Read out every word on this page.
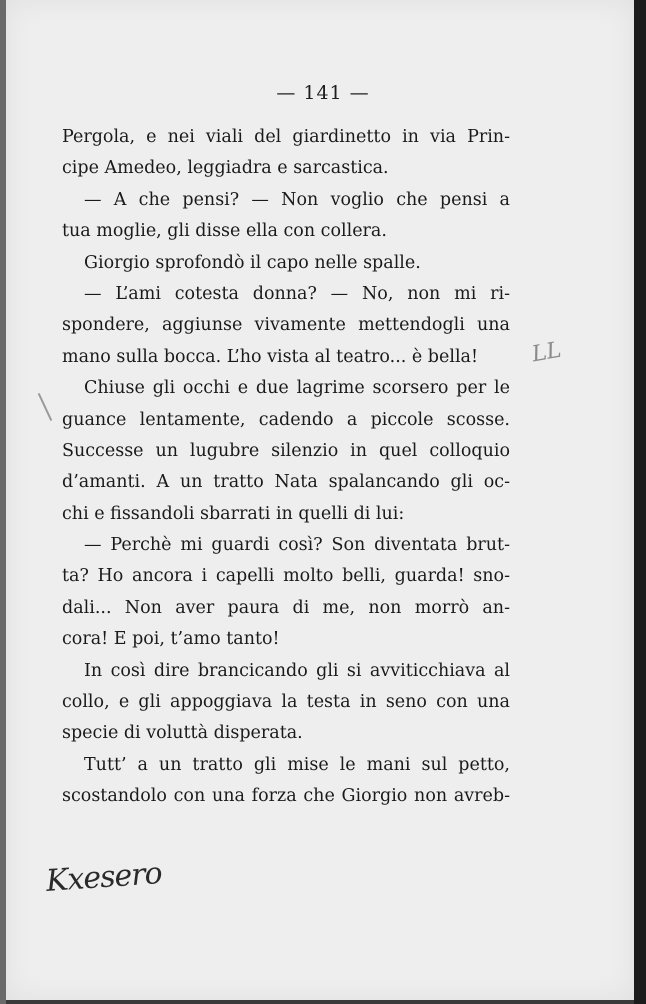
— 141 —
Pergola, e nei viali del giardinetto in via Prin-
cipe Amedeo, leggiadra e sarcastica.
— A che pensi? — Non voglio che pensi a
tua moglie, gli disse ella con collera.
Giorgio sprofondò il capo nelle spalle.
— L’ami cotesta donna? — No, non mi ri-
spondere, aggiunse vivamente mettendogli una
mano sulla bocca. L’ho vista al teatro... è bella!
Chiuse gli occhi e due lagrime scorsero per le
guance lentamente, cadendo a piccole scosse.
Successe un lugubre silenzio in quel colloquio
d’amanti. A un tratto Nata spalancando gli oc-
chi e fissandoli sbarrati in quelli di lui:
— Perchè mi guardi così? Son diventata brut-
ta? Ho ancora i capelli molto belli, guarda! sno-
dali... Non aver paura di me, non morrò an-
cora! E poi, t’amo tanto!
In così dire brancicando gli si avviticchiava al
collo, e gli appoggiava la testa in seno con una
specie di voluttà disperata.
Tutt’ a un tratto gli mise le mani sul petto,
scostandolo con una forza che Giorgio non avreb-
LL
Kxesero
